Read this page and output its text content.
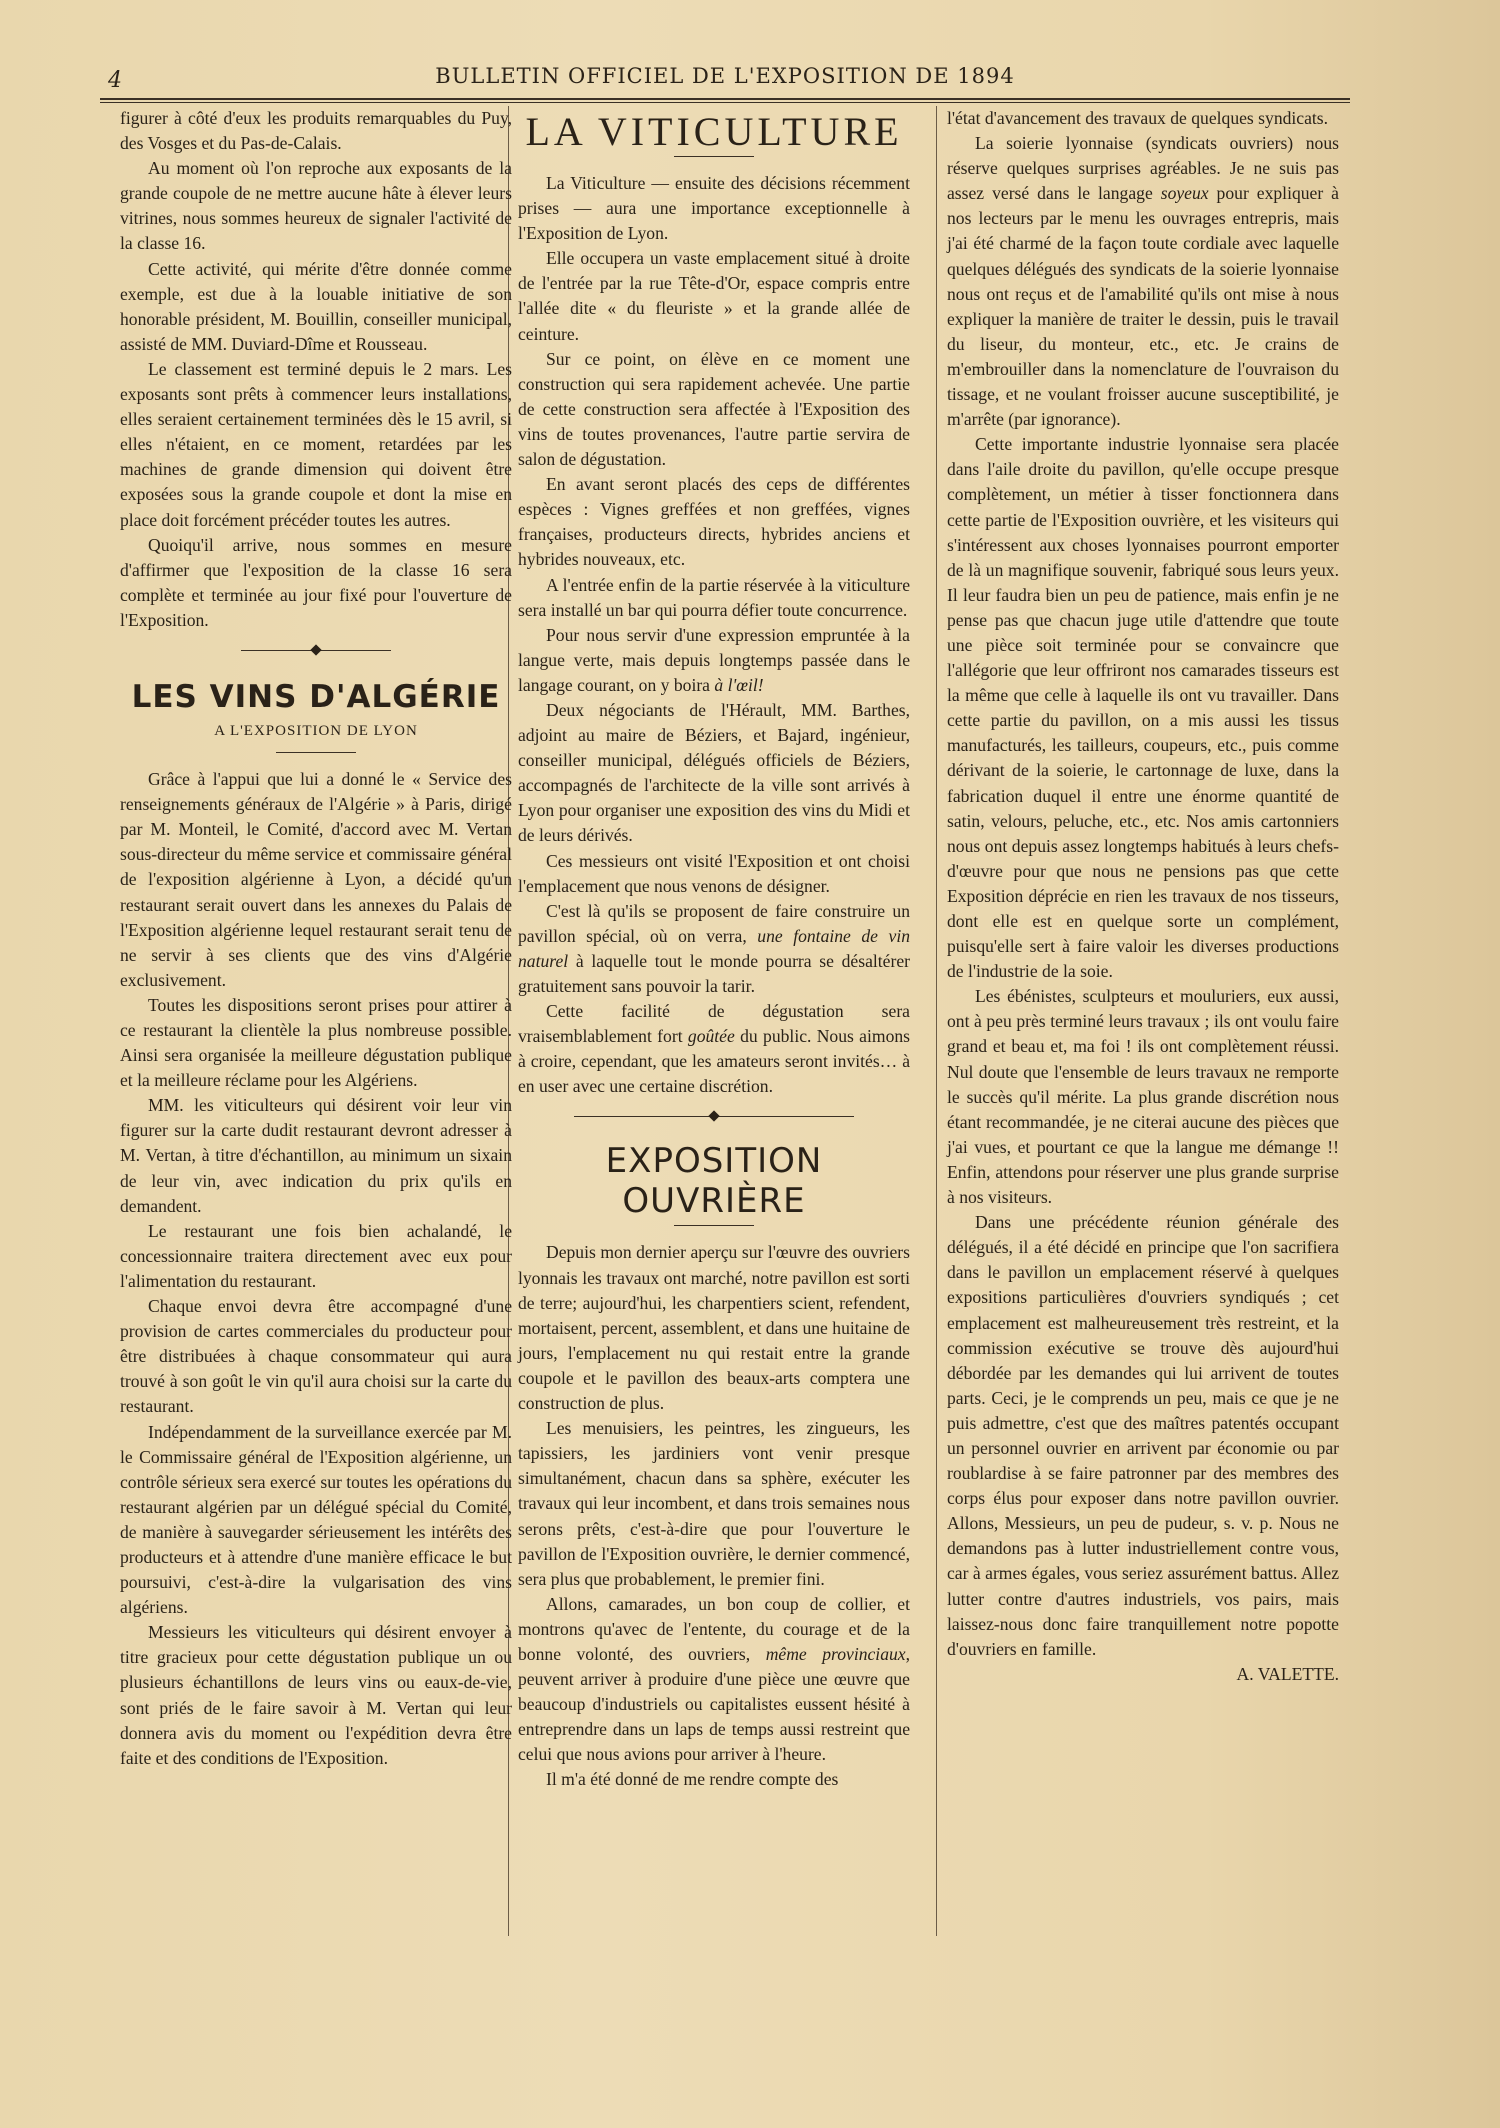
4	BULLETIN OFFICIEL DE L'EXPOSITION DE 1894

figurer à côté d'eux les produits remarquables du Puy, des Vosges et du Pas-de-Calais.

Au moment où l'on reproche aux exposants de la grande coupole de ne mettre aucune hâte à élever leurs vitrines, nous sommes heureux de signaler l'activité de la classe 16.

Cette activité, qui mérite d'être donnée comme exemple, est due à la louable initiative de son honorable président, M. Bouillin, conseiller municipal, assisté de MM. Duviard-Dîme et Rousseau.

Le classement est terminé depuis le 2 mars. Les exposants sont prêts à commencer leurs installations, elles seraient certainement terminées dès le 15 avril, si elles n'étaient, en ce moment, retardées par les machines de grande dimension qui doivent être exposées sous la grande coupole et dont la mise en place doit forcément précéder toutes les autres.

Quoiqu'il arrive, nous sommes en mesure d'affirmer que l'exposition de la classe 16 sera complète et terminée au jour fixé pour l'ouverture de l'Exposition.

LES VINS D'ALGÉRIE
A L'EXPOSITION DE LYON

Grâce à l'appui que lui a donné le « Service des renseignements généraux de l'Algérie » à Paris, dirigé par M. Monteil, le Comité, d'accord avec M. Vertan sous-directeur du même service et commissaire général de l'exposition algérienne à Lyon, a décidé qu'un restaurant serait ouvert dans les annexes du Palais de l'Exposition algérienne lequel restaurant serait tenu de ne servir à ses clients que des vins d'Algérie exclusivement.

Toutes les dispositions seront prises pour attirer à ce restaurant la clientèle la plus nombreuse possible. Ainsi sera organisée la meilleure dégustation publique et la meilleure réclame pour les Algériens.

MM. les viticulteurs qui désirent voir leur vin figurer sur la carte dudit restaurant devront adresser à M. Vertan, à titre d'échantillon, au minimum un sixain de leur vin, avec indication du prix qu'ils en demandent.

Le restaurant une fois bien achalandé, le concessionnaire traitera directement avec eux pour l'alimentation du restaurant.

Chaque envoi devra être accompagné d'une provision de cartes commerciales du producteur pour être distribuées à chaque consommateur qui aura trouvé à son goût le vin qu'il aura choisi sur la carte du restaurant.

Indépendamment de la surveillance exercée par M. le Commissaire général de l'Exposition algérienne, un contrôle sérieux sera exercé sur toutes les opérations du restaurant algérien par un délégué spécial du Comité, de manière à sauvegarder sérieusement les intérêts des producteurs et à attendre d'une manière efficace le but poursuivi, c'est-à-dire la vulgarisation des vins algériens.

Messieurs les viticulteurs qui désirent envoyer à titre gracieux pour cette dégustation publique un ou plusieurs échantillons de leurs vins ou eaux-de-vie, sont priés de le faire savoir à M. Vertan qui leur donnera avis du moment ou l'expédition devra être faite et des conditions de l'Exposition.

LA VITICULTURE

La Viticulture — ensuite des décisions récemment prises — aura une importance exceptionnelle à l'Exposition de Lyon.

Elle occupera un vaste emplacement situé à droite de l'entrée par la rue Tête-d'Or, espace compris entre l'allée dite « du fleuriste » et la grande allée de ceinture.

Sur ce point, on élève en ce moment une construction qui sera rapidement achevée. Une partie de cette construction sera affectée à l'Exposition des vins de toutes provenances, l'autre partie servira de salon de dégustation.

En avant seront placés des ceps de différentes espèces : Vignes greffées et non greffées, vignes françaises, producteurs directs, hybrides anciens et hybrides nouveaux, etc.

A l'entrée enfin de la partie réservée à la viticulture sera installé un bar qui pourra défier toute concurrence.

Pour nous servir d'une expression empruntée à la langue verte, mais depuis longtemps passée dans le langage courant, on y boira à l'œil!

Deux négociants de l'Hérault, MM. Barthes, adjoint au maire de Béziers, et Bajard, ingénieur, conseiller municipal, délégués officiels de Béziers, accompagnés de l'architecte de la ville sont arrivés à Lyon pour organiser une exposition des vins du Midi et de leurs dérivés.

Ces messieurs ont visité l'Exposition et ont choisi l'emplacement que nous venons de désigner.

C'est là qu'ils se proposent de faire construire un pavillon spécial, où on verra, une fontaine de vin naturel à laquelle tout le monde pourra se désaltérer gratuitement sans pouvoir la tarir.

Cette facilité de dégustation sera vraisemblablement fort goûtée du public. Nous aimons à croire, cependant, que les amateurs seront invités… à en user avec une certaine discrétion.

EXPOSITION OUVRIÈRE

Depuis mon dernier aperçu sur l'œuvre des ouvriers lyonnais les travaux ont marché, notre pavillon est sorti de terre; aujourd'hui, les charpentiers scient, refendent, mortaisent, percent, assemblent, et dans une huitaine de jours, l'emplacement nu qui restait entre la grande coupole et le pavillon des beaux-arts comptera une construction de plus.

Les menuisiers, les peintres, les zingueurs, les tapissiers, les jardiniers vont venir presque simultanément, chacun dans sa sphère, exécuter les travaux qui leur incombent, et dans trois semaines nous serons prêts, c'est-à-dire que pour l'ouverture le pavillon de l'Exposition ouvrière, le dernier commencé, sera plus que probablement, le premier fini.

Allons, camarades, un bon coup de collier, et montrons qu'avec de l'entente, du courage et de la bonne volonté, des ouvriers, même provinciaux, peuvent arriver à produire d'une pièce une œuvre que beaucoup d'industriels ou capitalistes eussent hésité à entreprendre dans un laps de temps aussi restreint que celui que nous avions pour arriver à l'heure.

Il m'a été donné de me rendre compte des

l'état d'avancement des travaux de quelques syndicats.

La soierie lyonnaise (syndicats ouvriers) nous réserve quelques surprises agréables. Je ne suis pas assez versé dans le langage soyeux pour expliquer à nos lecteurs par le menu les ouvrages entrepris, mais j'ai été charmé de la façon toute cordiale avec laquelle quelques délégués des syndicats de la soierie lyonnaise nous ont reçus et de l'amabilité qu'ils ont mise à nous expliquer la manière de traiter le dessin, puis le travail du liseur, du monteur, etc., etc. Je crains de m'embrouiller dans la nomenclature de l'ouvraison du tissage, et ne voulant froisser aucune susceptibilité, je m'arrête (par ignorance).

Cette importante industrie lyonnaise sera placée dans l'aile droite du pavillon, qu'elle occupe presque complètement, un métier à tisser fonctionnera dans cette partie de l'Exposition ouvrière, et les visiteurs qui s'intéressent aux choses lyonnaises pourront emporter de là un magnifique souvenir, fabriqué sous leurs yeux. Il leur faudra bien un peu de patience, mais enfin je ne pense pas que chacun juge utile d'attendre que toute une pièce soit terminée pour se convaincre que l'allégorie que leur offriront nos camarades tisseurs est la même que celle à laquelle ils ont vu travailler. Dans cette partie du pavillon, on a mis aussi les tissus manufacturés, les tailleurs, coupeurs, etc., puis comme dérivant de la soierie, le cartonnage de luxe, dans la fabrication duquel il entre une énorme quantité de satin, velours, peluche, etc., etc. Nos amis cartonniers nous ont depuis assez longtemps habitués à leurs chefs-d'œuvre pour que nous ne pensions pas que cette Exposition déprécie en rien les travaux de nos tisseurs, dont elle est en quelque sorte un complément, puisqu'elle sert à faire valoir les diverses productions de l'industrie de la soie.

Les ébénistes, sculpteurs et mouluriers, eux aussi, ont à peu près terminé leurs travaux ; ils ont voulu faire grand et beau et, ma foi ! ils ont complètement réussi. Nul doute que l'ensemble de leurs travaux ne remporte le succès qu'il mérite. La plus grande discrétion nous étant recommandée, je ne citerai aucune des pièces que j'ai vues, et pourtant ce que la langue me démange !! Enfin, attendons pour réserver une plus grande surprise à nos visiteurs.

Dans une précédente réunion générale des délégués, il a été décidé en principe que l'on sacrifiera dans le pavillon un emplacement réservé à quelques expositions particulières d'ouvriers syndiqués ; cet emplacement est malheureusement très restreint, et la commission exécutive se trouve dès aujourd'hui débordée par les demandes qui lui arrivent de toutes parts. Ceci, je le comprends un peu, mais ce que je ne puis admettre, c'est que des maîtres patentés occupant un personnel ouvrier en arrivent par économie ou par roublardise à se faire patronner par des membres des corps élus pour exposer dans notre pavillon ouvrier. Allons, Messieurs, un peu de pudeur, s. v. p. Nous ne demandons pas à lutter industriellement contre vous, car à armes égales, vous seriez assurément battus. Allez lutter contre d'autres industriels, vos pairs, mais laissez-nous donc faire tranquillement notre popotte d'ouvriers en famille.

A. VALETTE.
